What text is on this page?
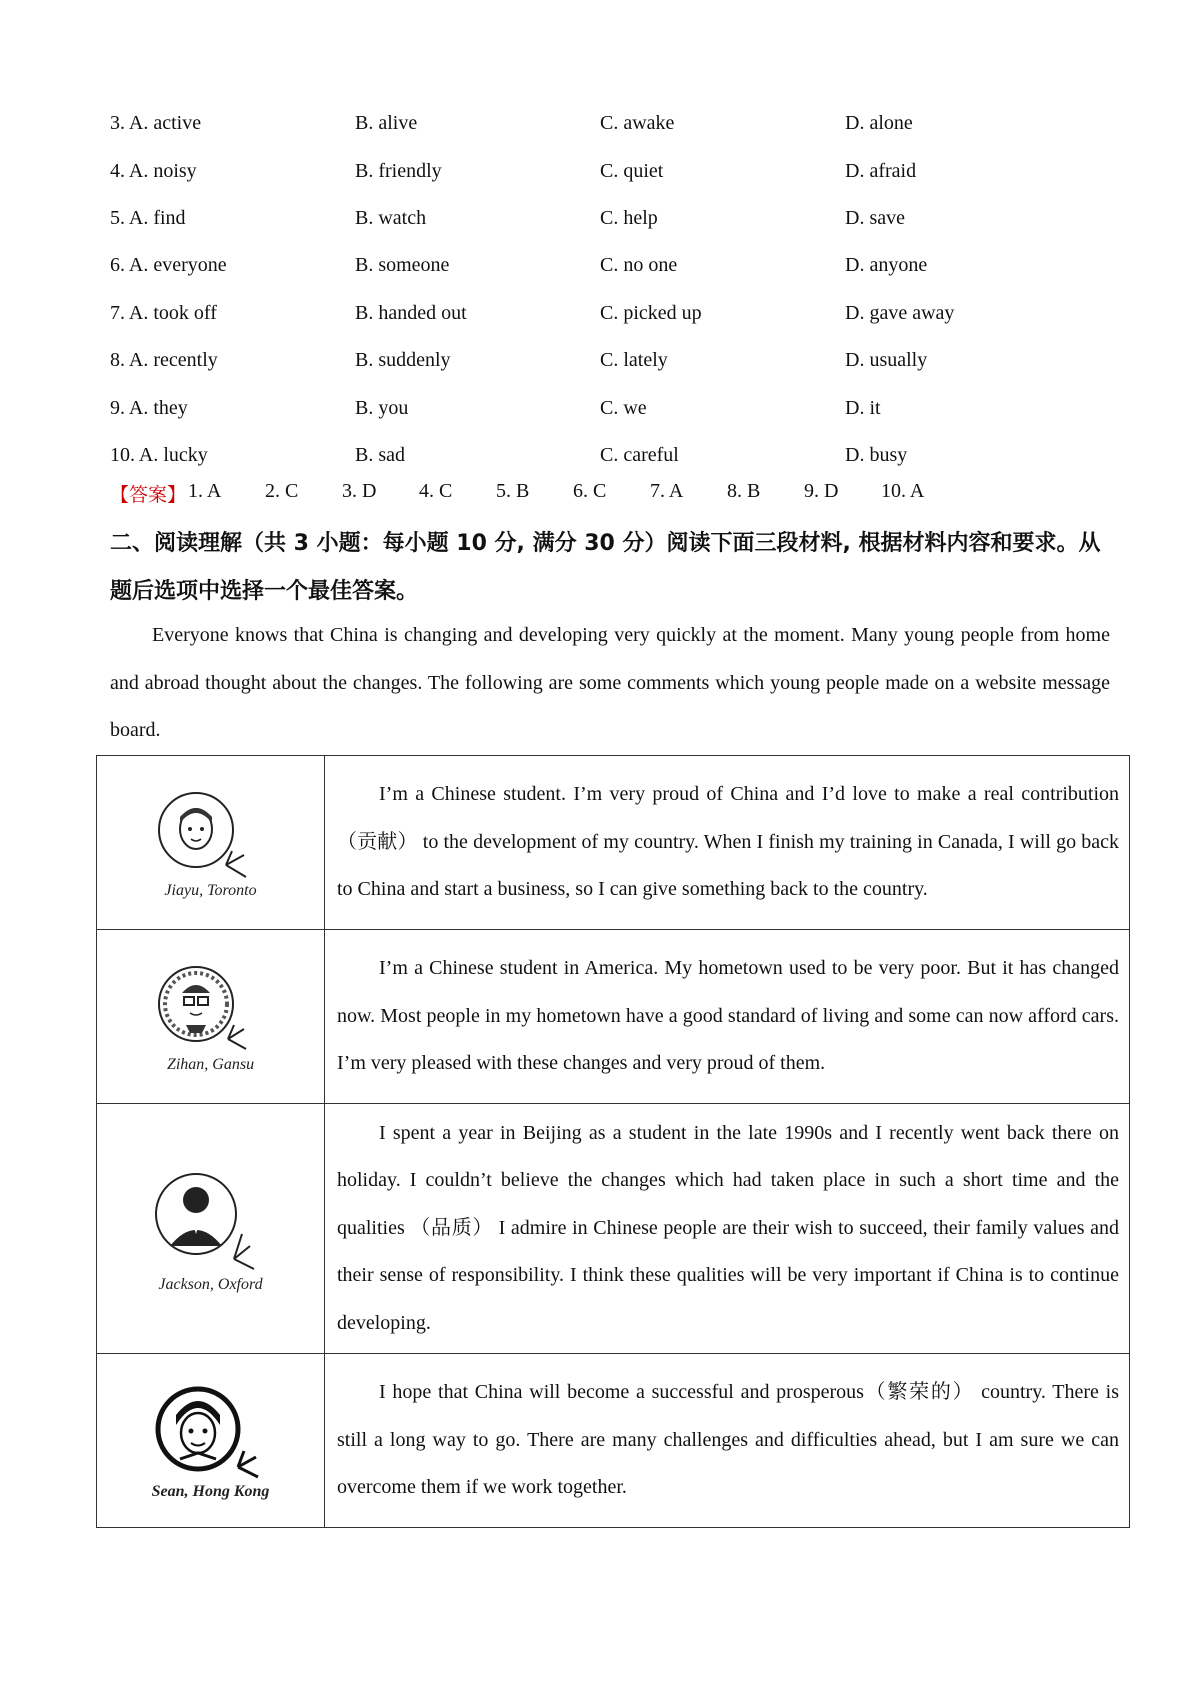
3. A. active	B. alive	C. awake	D. alone
4. A. noisy	B. friendly	C. quiet	D. afraid
5. A. find	B. watch	C. help	D. save
6. A. everyone	B. someone	C. no one	D. anyone
7. A. took off	B. handed out	C. picked up	D. gave away
8. A. recently	B. suddenly	C. lately	D. usually
9. A. they	B. you	C. we	D. it
10. A. lucky	B. sad	C. careful	D. busy
【答案】 1. A	2. C	3. D	4. C	5. B	6. C	7. A	8. B	9. D	10. A
二、阅读理解（共 3 小题：每小题 10 分, 满分 30 分）阅读下面三段材料, 根据材料内容和要求。从题后选项中选择一个最佳答案。
Everyone knows that China is changing and developing very quickly at the moment. Many young people from home and abroad thought about the changes. The following are some comments which young people made on a website message board.
Jiayu, Toronto	I’m a Chinese student. I’m very proud of China and I’d love to make a real contribution（贡献） to the development of my country. When I finish my training in Canada, I will go back to China and start a business, so I can give something back to the country.

Zihan, Gansu	I’m a Chinese student in America. My hometown used to be very poor. But it has changed now. Most people in my hometown have a good standard of living and some can now afford cars. I’m very pleased with these changes and very proud of them.

Jackson, Oxford	I spent a year in Beijing as a student in the late 1990s and I recently went back there on holiday. I couldn’t believe the changes which had taken place in such a short time and the qualities （品质） I admire in Chinese people are their wish to succeed, their family values and their sense of responsibility. I think these qualities will be very important if China is to continue developing.

Sean, Hong Kong	I hope that China will become a successful and prosperous（繁荣的） country. There is still a long way to go. There are many challenges and difficulties ahead, but I am sure we can overcome them if we work together.
